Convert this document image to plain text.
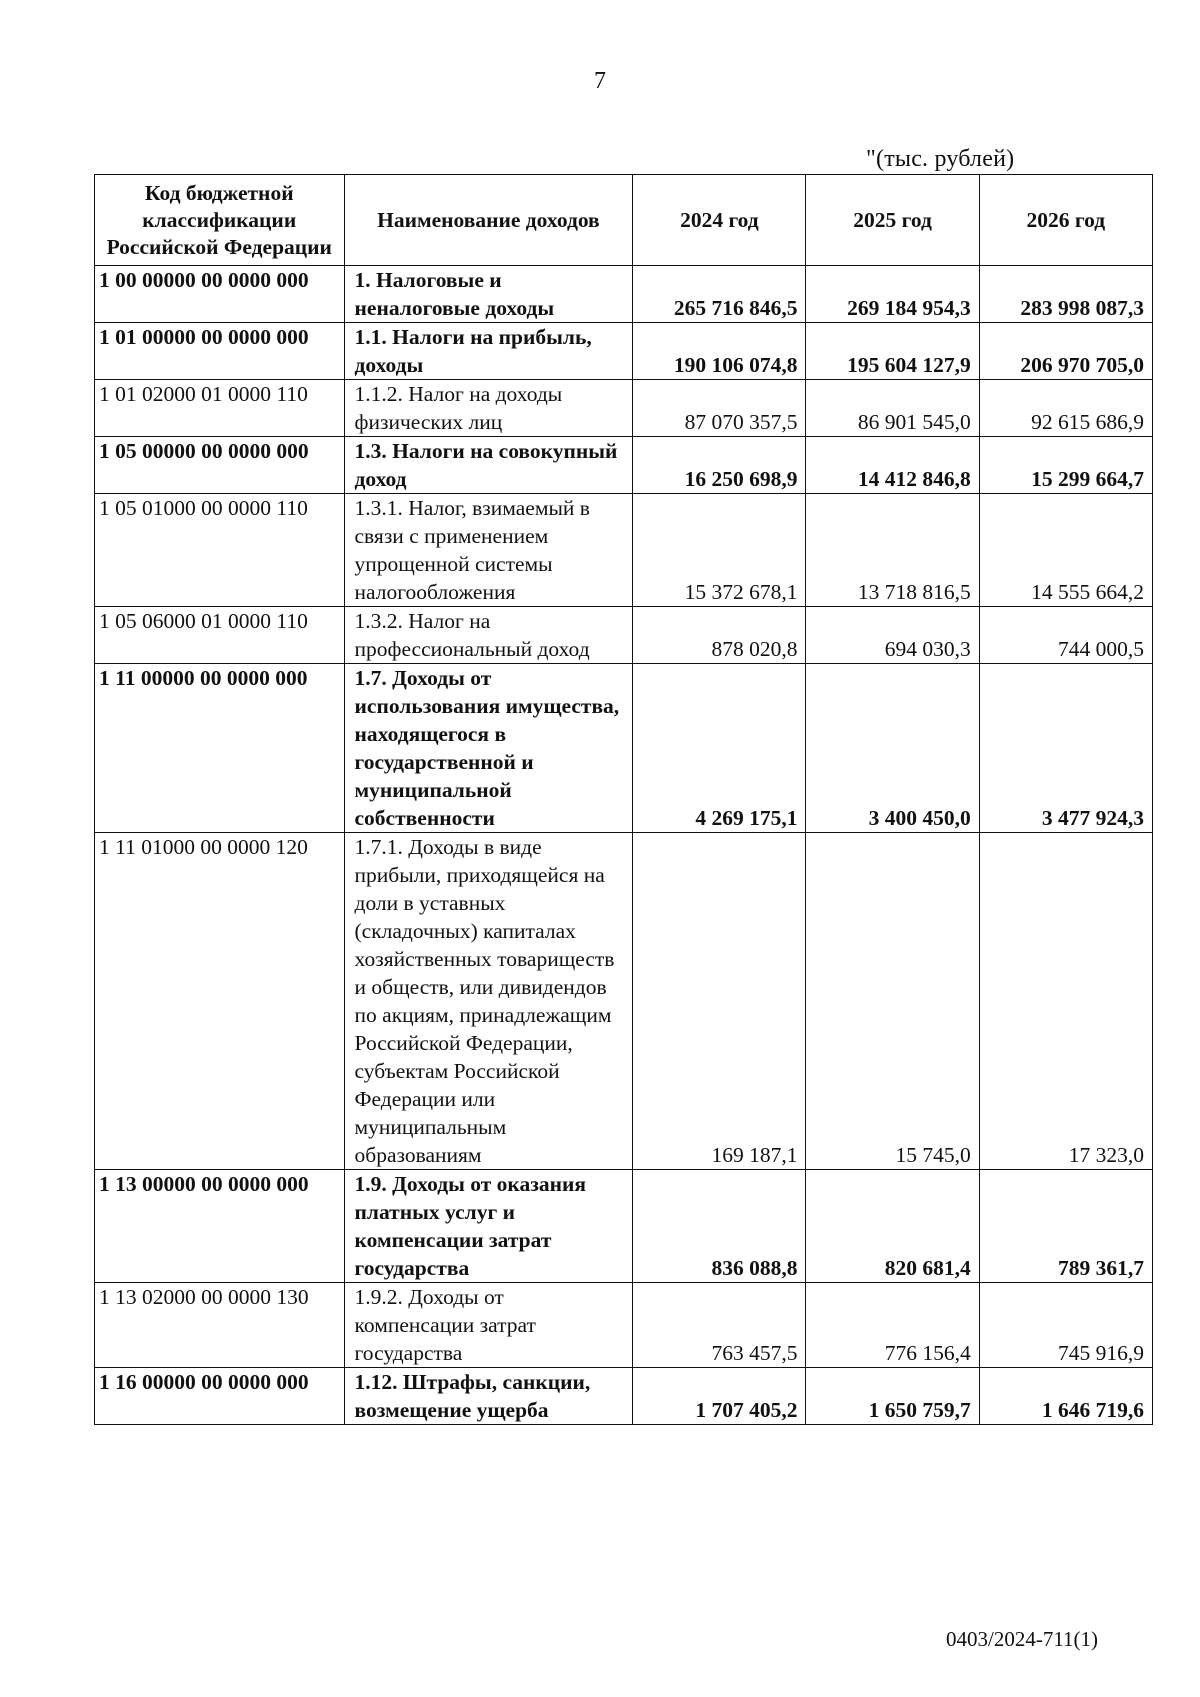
7
"(тыс. рублей)
Код бюджетной классификации Российской Федерации	Наименование доходов	2024 год	2025 год	2026 год
1 00 00000 00 0000 000	1. Налоговые и неналоговые доходы	265 716 846,5	269 184 954,3	283 998 087,3
1 01 00000 00 0000 000	1.1. Налоги на прибыль, доходы	190 106 074,8	195 604 127,9	206 970 705,0
1 01 02000 01 0000 110	1.1.2. Налог на доходы физических лиц	87 070 357,5	86 901 545,0	92 615 686,9
1 05 00000 00 0000 000	1.3. Налоги на совокупный доход	16 250 698,9	14 412 846,8	15 299 664,7
1 05 01000 00 0000 110	1.3.1. Налог, взимаемый в связи с применением упрощенной системы налогообложения	15 372 678,1	13 718 816,5	14 555 664,2
1 05 06000 01 0000 110	1.3.2. Налог на профессиональный доход	878 020,8	694 030,3	744 000,5
1 11 00000 00 0000 000	1.7. Доходы от использования имущества, находящегося в государственной и муниципальной собственности	4 269 175,1	3 400 450,0	3 477 924,3
1 11 01000 00 0000 120	1.7.1. Доходы в виде прибыли, приходящейся на доли в уставных (складочных) капиталах хозяйственных товариществ и обществ, или дивидендов по акциям, принадлежащим Российской Федерации, субъектам Российской Федерации или муниципальным образованиям	169 187,1	15 745,0	17 323,0
1 13 00000 00 0000 000	1.9. Доходы от оказания платных услуг и компенсации затрат государства	836 088,8	820 681,4	789 361,7
1 13 02000 00 0000 130	1.9.2. Доходы от компенсации затрат государства	763 457,5	776 156,4	745 916,9
1 16 00000 00 0000 000	1.12. Штрафы, санкции, возмещение ущерба	1 707 405,2	1 650 759,7	1 646 719,6
0403/2024-711(1)
